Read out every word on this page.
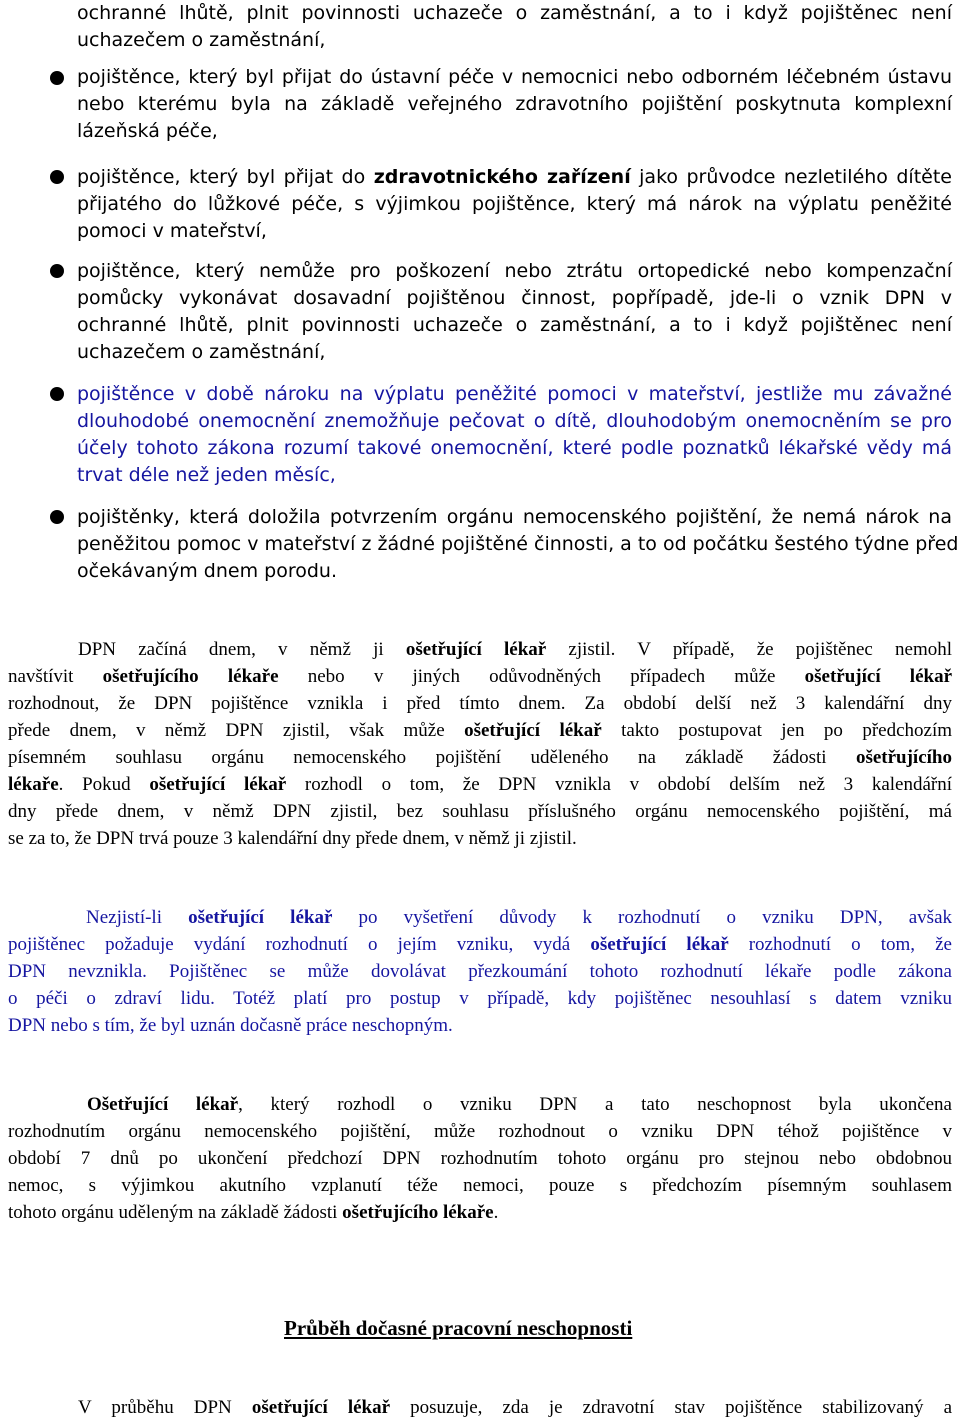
ochranné lhůtě, plnit povinnosti uchazeče o zaměstnání, a to i když pojištěnec není

uchazečem o zaměstnání,

pojištěnce, který byl přijat do ústavní péče v nemocnici nebo odborném léčebném ústavu

nebo kterému byla na základě veřejného zdravotního pojištění poskytnuta komplexní

lázeňská péče,

pojištěnce, který byl přijat do zdravotnického zařízení jako průvodce nezletilého dítěte

přijatého do lůžkové péče, s výjimkou pojištěnce, který má nárok na výplatu peněžité

pomoci v mateřství,

pojištěnce, který nemůže pro poškození nebo ztrátu ortopedické nebo kompenzační

pomůcky vykonávat dosavadní pojištěnou činnost, popřípadě, jde-li o vznik DPN v

ochranné lhůtě, plnit povinnosti uchazeče o zaměstnání, a to i když pojištěnec není

uchazečem o zaměstnání,

pojištěnce v době nároku na výplatu peněžité pomoci v mateřství, jestliže mu závažné

dlouhodobé onemocnění znemožňuje pečovat o dítě, dlouhodobým onemocněním se pro

účely tohoto zákona rozumí takové onemocnění, které podle poznatků lékařské vědy má

trvat déle než jeden měsíc,

pojištěnky, která doložila potvrzením orgánu nemocenského pojištění, že nemá nárok na

peněžitou pomoc v mateřství z žádné pojištěné činnosti, a to od počátku šestého týdne před

očekávaným dnem porodu.

DPN začíná dnem, v němž ji ošetřující lékař zjistil. V případě, že pojištěnec nemohl

navštívit ošetřujícího lékaře nebo v jiných odůvodněných případech může ošetřující lékař

rozhodnout, že DPN pojištěnce vznikla i před tímto dnem. Za období delší než 3 kalendářní dny

přede dnem, v němž DPN zjistil, však může ošetřující lékař takto postupovat jen po předchozím

písemném souhlasu orgánu nemocenského pojištění uděleného na základě žádosti ošetřujícího

lékaře. Pokud ošetřující lékař rozhodl o tom, že DPN vznikla v období delším než 3 kalendářní

dny přede dnem, v němž DPN zjistil, bez souhlasu příslušného orgánu nemocenského pojištění, má

se za to, že DPN trvá pouze 3 kalendářní dny přede dnem, v němž ji zjistil.

Nezjistí-li ošetřující lékař po vyšetření důvody k rozhodnutí o vzniku DPN, avšak

pojištěnec požaduje vydání rozhodnutí o jejím vzniku, vydá ošetřující lékař rozhodnutí o tom, že

DPN nevznikla. Pojištěnec se může dovolávat přezkoumání tohoto rozhodnutí lékaře podle zákona

o péči o zdraví lidu. Totéž platí pro postup v případě, kdy pojištěnec nesouhlasí s datem vzniku

DPN nebo s tím, že byl uznán dočasně práce neschopným.

Ošetřující lékař, který rozhodl o vzniku DPN a tato neschopnost byla ukončena

rozhodnutím orgánu nemocenského pojištění, může rozhodnout o vzniku DPN téhož pojištěnce v

období 7 dnů po ukončení předchozí DPN rozhodnutím tohoto orgánu pro stejnou nebo obdobnou

nemoc, s výjimkou akutního vzplanutí téže nemoci, pouze s předchozím písemným souhlasem

tohoto orgánu uděleným na základě žádosti ošetřujícího lékaře.

Průběh dočasné pracovní neschopnosti

V průběhu DPN ošetřující lékař posuzuje, zda je zdravotní stav pojištěnce stabilizovaný a
